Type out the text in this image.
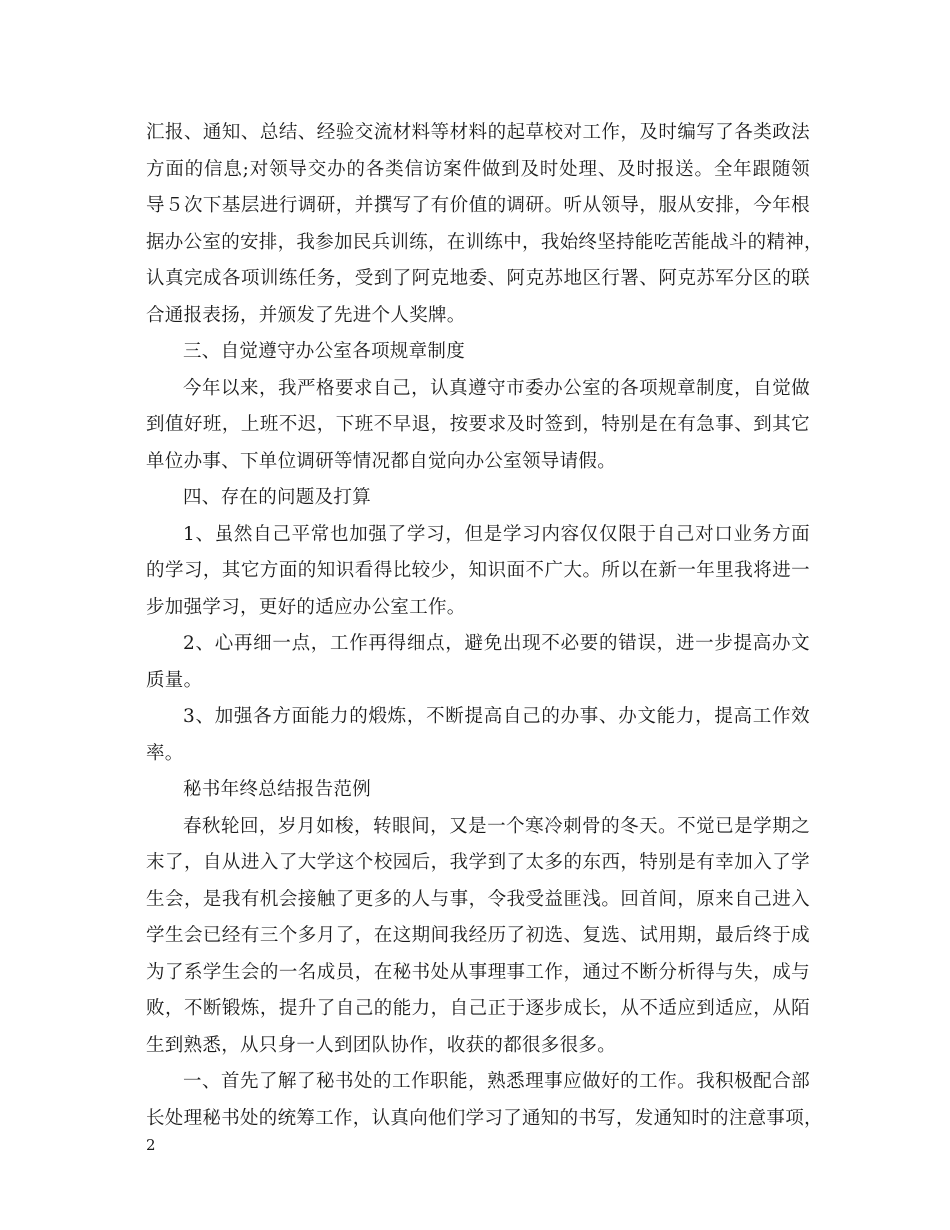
汇报、通知、总结、经验交流材料等材料的起草校对工作，及时编写了各类政法
方面的信息;对领导交办的各类信访案件做到及时处理、及时报送。全年跟随领
导５次下基层进行调研，并撰写了有价值的调研。听从领导，服从安排，今年根
据办公室的安排，我参加民兵训练，在训练中，我始终坚持能吃苦能战斗的精神，
认真完成各项训练任务，受到了阿克地委、阿克苏地区行署、阿克苏军分区的联
合通报表扬，并颁发了先进个人奖牌。
三、自觉遵守办公室各项规章制度
今年以来，我严格要求自己，认真遵守市委办公室的各项规章制度，自觉做
到值好班，上班不迟，下班不早退，按要求及时签到，特别是在有急事、到其它
单位办事、下单位调研等情况都自觉向办公室领导请假。
四、存在的问题及打算
1、虽然自己平常也加强了学习，但是学习内容仅仅限于自己对口业务方面
的学习，其它方面的知识看得比较少，知识面不广大。所以在新一年里我将进一
步加强学习，更好的适应办公室工作。
2、心再细一点，工作再得细点，避免出现不必要的错误，进一步提高办文
质量。
3、加强各方面能力的煅炼，不断提高自己的办事、办文能力，提高工作效
率。
秘书年终总结报告范例
春秋轮回，岁月如梭，转眼间，又是一个寒冷刺骨的冬天。不觉已是学期之
末了，自从进入了大学这个校园后，我学到了太多的东西，特别是有幸加入了学
生会，是我有机会接触了更多的人与事，令我受益匪浅。回首间，原来自己进入
学生会已经有三个多月了，在这期间我经历了初选、复选、试用期，最后终于成
为了系学生会的一名成员，在秘书处从事理事工作，通过不断分析得与失，成与
败，不断锻炼，提升了自己的能力，自己正于逐步成长，从不适应到适应，从陌
生到熟悉，从只身一人到团队协作，收获的都很多很多。
一、首先了解了秘书处的工作职能，熟悉理事应做好的工作。我积极配合部
长处理秘书处的统筹工作，认真向他们学习了通知的书写，发通知时的注意事项，
2
